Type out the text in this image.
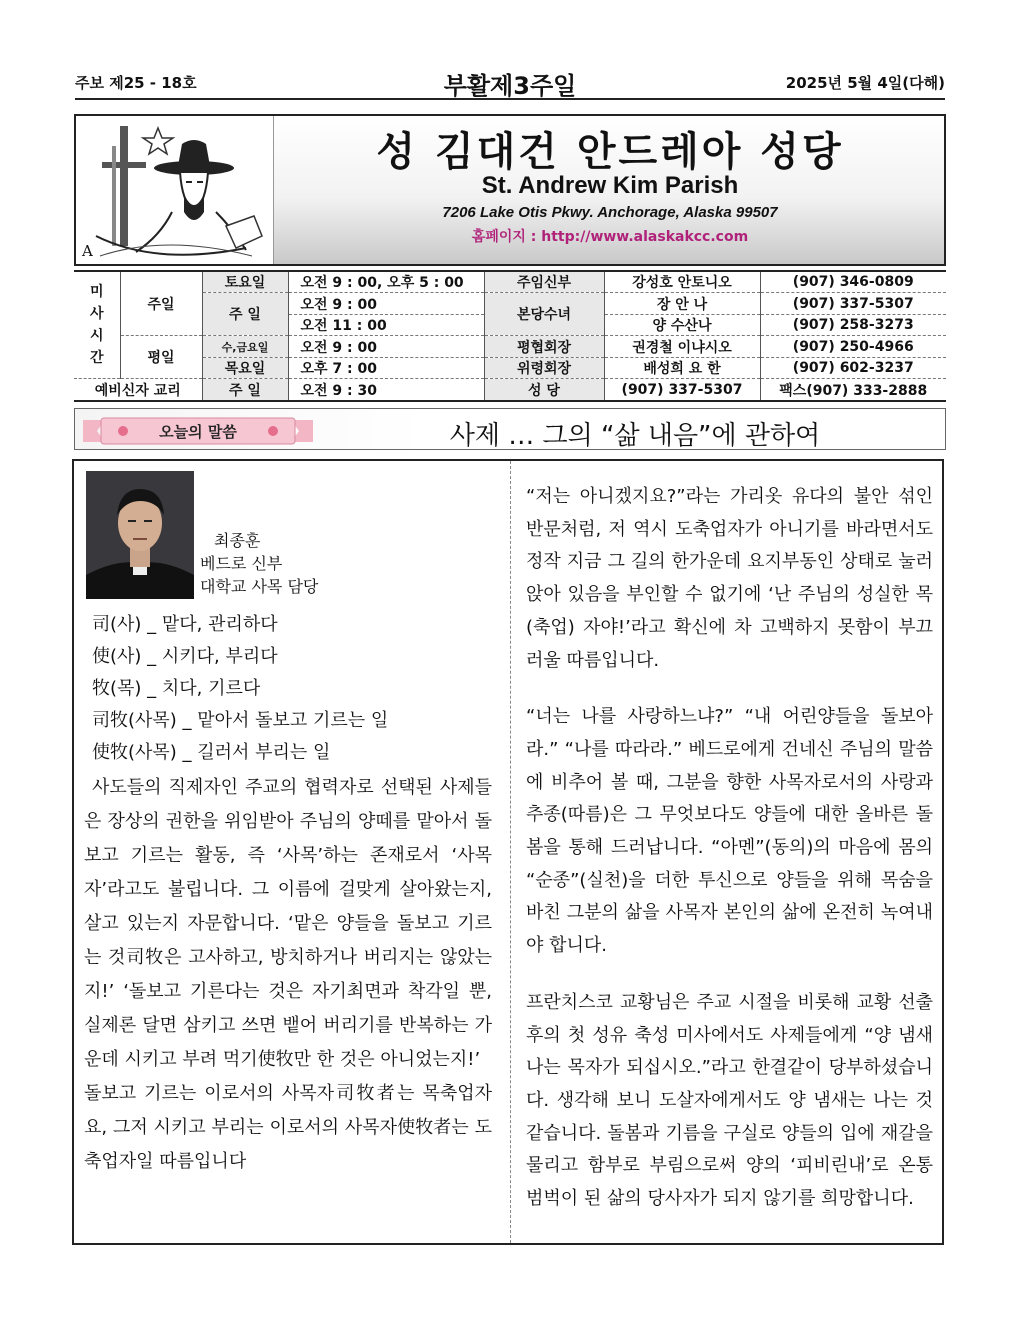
주보 제25 - 18호	부활제3주일	2025년 5월 4일(다해)
A
성 김대건 안드레아 성당
St. Andrew Kim Parish
7206 Lake Otis Pkwy. Anchorage, Alaska 99507
홈페이지 : http://www.alaskakcc.com
미
사
시
간	주일	토요일	오전 9 : 00, 오후 5 : 00	주임신부	강성호 안토니오	(907) 346-0809
		주 일	오전 9 : 00	본당수녀	장 안 나	(907) 337-5307
			오전 11 : 00		양 수산나	(907) 258-3273
	평일	수,금요일	오전 9 : 00	평협회장	권경철 이냐시오	(907) 250-4966
		목요일	오후 7 : 00	위령회장	배성희 요 한	(907) 602-3237
예비신자 교리		주 일	오전 9 : 30	성 당	(907) 337-5307	팩스(907) 333-2888
오늘의 말씀	사제 … 그의 “삶 내음”에 관하여
최종훈
베드로 신부
대학교 사목 담당
司(사) _ 맡다, 관리하다
使(사) _ 시키다, 부리다
牧(목) _ 치다, 기르다
司牧(사목) _ 맡아서 돌보고 기르는 일
使牧(사목) _ 길러서 부리는 일

사도들의 직제자인 주교의 협력자로 선택된 사제들은 장상의 권한을 위임받아 주님의 양떼를 맡아서 돌보고 기르는 활동, 즉 ‘사목’하는 존재로서 ‘사목자’라고도 불립니다. 그 이름에 걸맞게 살아왔는지, 살고 있는지 자문합니다. ‘맡은 양들을 돌보고 기르는 것司牧은 고사하고, 방치하거나 버리지는 않았는지!’ ‘돌보고 기른다는 것은 자기최면과 착각일 뿐, 실제론 달면 삼키고 쓰면 뱉어 버리기를 반복하는 가운데 시키고 부려 먹기使牧만 한 것은 아니었는지!’

돌보고 기르는 이로서의 사목자司牧者는 목축업자요, 그저 시키고 부리는 이로서의 사목자使牧者는 도축업자일 따름입니다

“저는 아니겠지요?”라는 가리옷 유다의 불안 섞인 반문처럼, 저 역시 도축업자가 아니기를 바라면서도 정작 지금 그 길의 한가운데 요지부동인 상태로 눌러앉아 있음을 부인할 수 없기에 ‘난 주님의 성실한 목(축업) 자야!’라고 확신에 차 고백하지 못함이 부끄러울 따름입니다.

“너는 나를 사랑하느냐?” “내 어린양들을 돌보아라.” “나를 따라라.” 베드로에게 건네신 주님의 말씀에 비추어 볼 때, 그분을 향한 사목자로서의 사랑과 추종(따름)은 그 무엇보다도 양들에 대한 올바른 돌봄을 통해 드러납니다. “아멘”(동의)의 마음에 몸의 “순종”(실천)을 더한 투신으로 양들을 위해 목숨을 바친 그분의 삶을 사목자 본인의 삶에 온전히 녹여내야 합니다.

프란치스코 교황님은 주교 시절을 비롯해 교황 선출 후의 첫 성유 축성 미사에서도 사제들에게 “양 냄새 나는 목자가 되십시오.”라고 한결같이 당부하셨습니다. 생각해 보니 도살자에게서도 양 냄새는 나는 것 같습니다. 돌봄과 기름을 구실로 양들의 입에 재갈을 물리고 함부로 부림으로써 양의 ‘피비린내’로 온통 범벅이 된 삶의 당사자가 되지 않기를 희망합니다.
